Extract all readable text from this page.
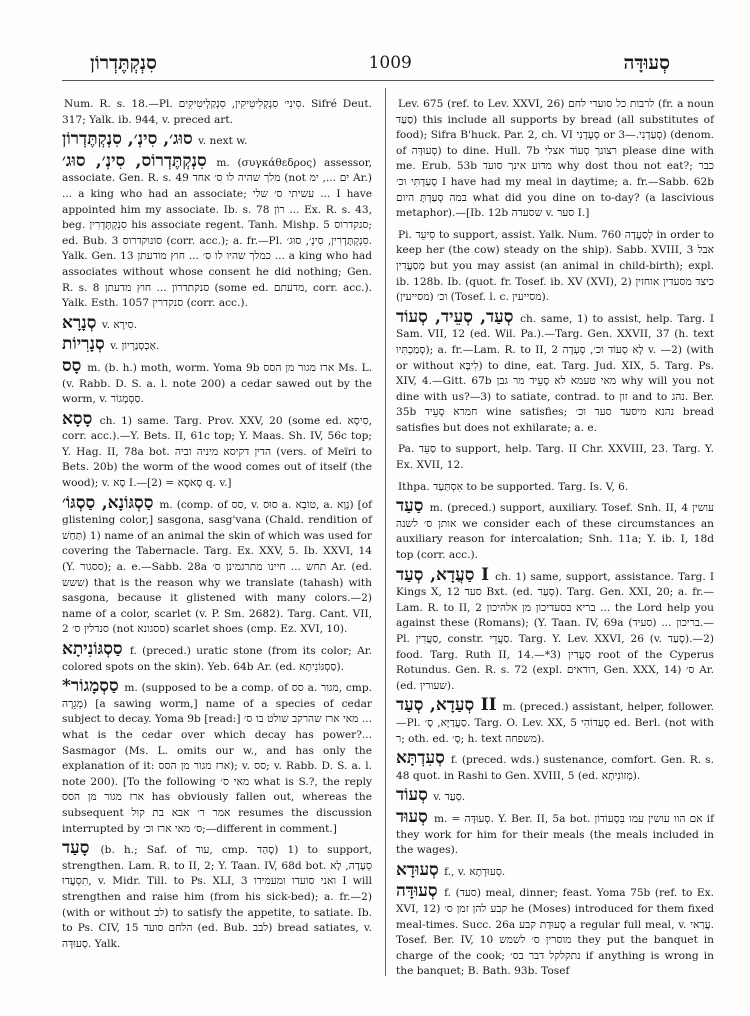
סִנְקְתֶּדְרוֹן	1009	סְעוּדָּה

Num. R. s. 18.—Pl. סִינִי׳ סִנְקְלִיטִיקִין, סִנְקַלְיטִיקִים. Sifré Deut. 317; Yalk. ib. 944, v. preced art.

סוּג׳, סִינְ׳, סִנְקְתֶּדְרוֹן v. next w.

סִנְקְתֶּדְרוֹס, סִינְ׳, סוּג׳ m. (συγκάθεδρος) assessor, associate. Gen. R. s. 49 מלך שהיה לו ס׳ אחד (not ים ..., ימ Ar.) ... a king who had an associate; עשיתי ס׳ שלי ... I have appointed him my associate. Ib. s. 78 רוֹן ... Ex. R. s. 43, beg. סִנְקְתֶּדְרִין his associate regent. Tanh. Mishp. 5 סנקדרוס; ed. Bub. 3 סונוקדרוס (corr. acc.); a. fr.—Pl. סִנְקְתֶּדְרִין, סִינְ׳, סוּג׳. Yalk. Gen. 13 כמלך שהיו לו ס׳ ... חוץ מודעתן ... a king who had associates without whose consent he did nothing; Gen. R. s. 8 סנקתדרון ... חוץ מדעתן (some ed. מדעתם, corr. acc.). Yalk. Esth. 1057 סנקדרין (corr. acc.).

סְנָרָא v. סִירָא.

סְנָרִיוֹת v. אַכְסְנַרְיוֹן.

סָס m. (b. h.) moth, worm. Yoma 9b ארז מגור מן הסס Ms. L. (v. Rabb. D. S. a. l. note 200) a cedar sawed out by the worm, v. סַסְמָגוֹר.

סָסָא ch. 1) same. Targ. Prov. XXV, 20 (some ed. סִיסָא, corr. acc.).—Y. Bets. II, 61c top; Y. Maas. Sh. IV, 56c top; Y. Hag. II, 78a bot. הדין דקיסא מיניה וביה (vers. of Meïri to Bets. 20b) the worm of the wood comes out of itself (the wood); v. סָא I.—[2) = סָאסָא q. v.]

סַסְגּוֹנָא, סַסְגּוֹ׳ m. (comp. of סס, v. סוּס a. טוֹבְא, a. נָוָא) [of glistening color,] sasgona, sasg'vana (Chald. rendition of תַּחַשׁ) 1) name of an animal the skin of which was used for covering the Tabernacle. Targ. Ex. XXV, 5. Ib. XXVI, 14 (Y. ססגור); a. e.—Sabb. 28a תחש ... חיינו מתרגמינן ס׳ Ar. (ed. ששש) that is the reason why we translate (tahash) with sasgona, because it glistened with many colors.—2) name of a color, scarlet (v. P. Sm. 2682). Targ. Cant. VII, 2 סנדלין ס׳ (not ססגונא) scarlet shoes (cmp. Ez. XVI, 10).

סַסְגּוֹנִיתָא f. (preced.) uratic stone (from its color; Ar. colored spots on the skin). Yeb. 64b Ar. (ed. סַסְגּוֹנִיתָא).

*סַסְמָגוֹר m. (supposed to be a comp. of סס a. מגור, cmp. מְגֵרָה) [a sawing worm,] name of a species of cedar subject to decay. Yoma 9b [read:] מאי ארז שהרקב שולט בו ס׳ ... what is the cedar over which decay has power?... Sasmagor (Ms. L. omits our w., and has only the explanation of it: ארז מגור מן הסס); v. סס; v. Rabb. D. S. a. l. note 200). [To the following מאי ס׳ what is S.?, the reply ארז מגור מן הסס has obviously fallen out, whereas the subsequent אמר ר׳ אבא בת קול resumes the discussion interrupted by ס׳ מאי ארז וכ׳;—different in comment.]

סָעַד (b. h.; Saf. of עוד, cmp. סָהַד) 1) to support, strengthen. Lam. R. to II, 2; Y. Taan. IV, 68d bot. סְעָדָה, לָא תִסְעֲדוּ, v. Midr. Till. to Ps. XLI, 3 ואני סועדו ומעמידו I will strengthen and raise him (from his sick-bed); a. fr.—2) (with or without לב) to satisfy the appetite, to satiate. Ib. to Ps. CIV, 15 הלחם סועד (ed. Bub. לבב) bread satiates, v. סְעוּדָּה. Yalk.

Lev. 675 (ref. to Lev. XXVI, 26) לרבות כל סועדי לחם (fr. a noun סַעַד) this include all supports by bread (all substitutes of food); Sifra B'huck. Par. 2, ch. VI סְעָדָנִי or סְעַדְנִי.—3) (denom. of סְעוּדָּה) to dine. Hull. 7b רצונך סְעוֹד אצלי please dine with me. Erub. 53b מדוע אינך סועד why dost thou not eat?; כבר סָעַדְתִּי וכ׳ I have had my meal in daytime; a. fr.—Sabb. 62b במה סְעַדְתָּ היום what did you dine on to-day? (a lascivious metaphor).—[Ib. 12b שסעדה v. סער I.]

Pi. סִיעֵד to support, assist. Yalk. Num. 760 לְסַעֲדָה in order to keep her (the cow) steady on the ship). Sabb. XVIII, 3 אבל מְסַעֲדִין but you may assist (an animal in child-birth); expl. ib. 128b. Ib. (quot. fr. Tosef. ib. XV (XVI), 2) כיצד מסעדין אוחזין וכ׳ (מסייעין) (Tosef. l. c. מסייעין).

סְעַד, סְעֵיד, סְעוֹד ch. same, 1) to assist, help. Targ. I Sam. VII, 12 (ed. Wil. Pa.).—Targ. Gen. XXVII, 37 (h. text סְמַכְתִּיו); a. fr.—Lam. R. to II, 2 לָא סְעוֹד וכ׳, סְעְדָה v. —2) (with or without לִיבָּא) to dine, eat. Targ. Jud. XIX, 5. Targ. Ps. XIV, 4.—Gitt. 67b מאי טעמא לא סָעֵיד מר גבן why will you not dine with us?—3) to satiate, contrad. to זון and to נהג. Ber. 35b חמרא סָעֵיד wine satisfies; נהנא מיסעד סעד וכ׳ bread satisfies but does not exhilarate; a. e.

Pa. סַעֵּד to support, help. Targ. II Chr. XXVIII, 23. Targ. Y. Ex. XVII, 12.

Ithpa. אִסְתַּעַד to be supported. Targ. Is. V, 6.

סַעַד m. (preced.) support, auxiliary. Tosef. Snh. II, 4 עושין אותן ס׳ לשנה we consider each of these circumstances an auxiliary reason for intercalation; Snh. 11a; Y. ib. I, 18d top (corr. acc.).

סַעֲדָא, סְעַד I ch. 1) same, support, assistance. Targ. I Kings X, 12 סעד Bxt. (ed. סְעַר). Targ. Gen. XXI, 20; a. fr.—Lam. R. to II, 2 בריא בסעדיכון מן אלהיכון ... the Lord help you against these (Romans); (Y. Taan. IV, 69a בריכון ... (סעיד).—Pl. סַעֲדִין, constr. סַעֲדֵי. Targ. Y. Lev. XXVI, 26 (v. סָעַד).—2) food. Targ. Ruth II, 14.—*3) סַעֲדִין root of the Cyperus Rotundus. Gen. R. s. 72 (expl. דודאים, Gen. XXX, 14) ס׳ Ar. (ed. שעורין).

סְעַדָא, סְעַד II m. (preced.) assistant, helper, follower. —Pl. סַעֲדַיָּא, סָ׳. Targ. O. Lev. XX, 5 סְעַדוֹהִי ed. Berl. (not with ר; oth. ed. סָ׳; h. text משפחה).

סְעִדְתָּא f. (preced. wds.) sustenance, comfort. Gen. R. s. 48 quot. in Rashi to Gen. XVIII, 5 (ed. מְזוֹנִיתָא).

סְעוֹד v. סְעַד.

סְעוּד m. = סְעוּדָּה. Y. Ber. II, 5a bot. אם הוו עושין עמו בִּסְעוֹדוֹן if they work for him for their meals (the meals included in the wages).

סְעוּדָא f., v. סְעוּדְתָא.

סְעוּדָּה f. (סעד) meal, dinner; feast. Yoma 75b (ref. to Ex. XVI, 12) קבע להן זמן ס׳ he (Moses) introduced for them fixed meal-times. Succ. 26a סְעוּדַת קבע a regular full meal, v. עֲרַאי. Tosef. Ber. IV, 10 מוסרין ס׳ לשמש they put the banquet in charge of the cook; נתקלקל דבר בס׳ if anything is wrong in the banquet; B. Bath. 93b. Tosef
